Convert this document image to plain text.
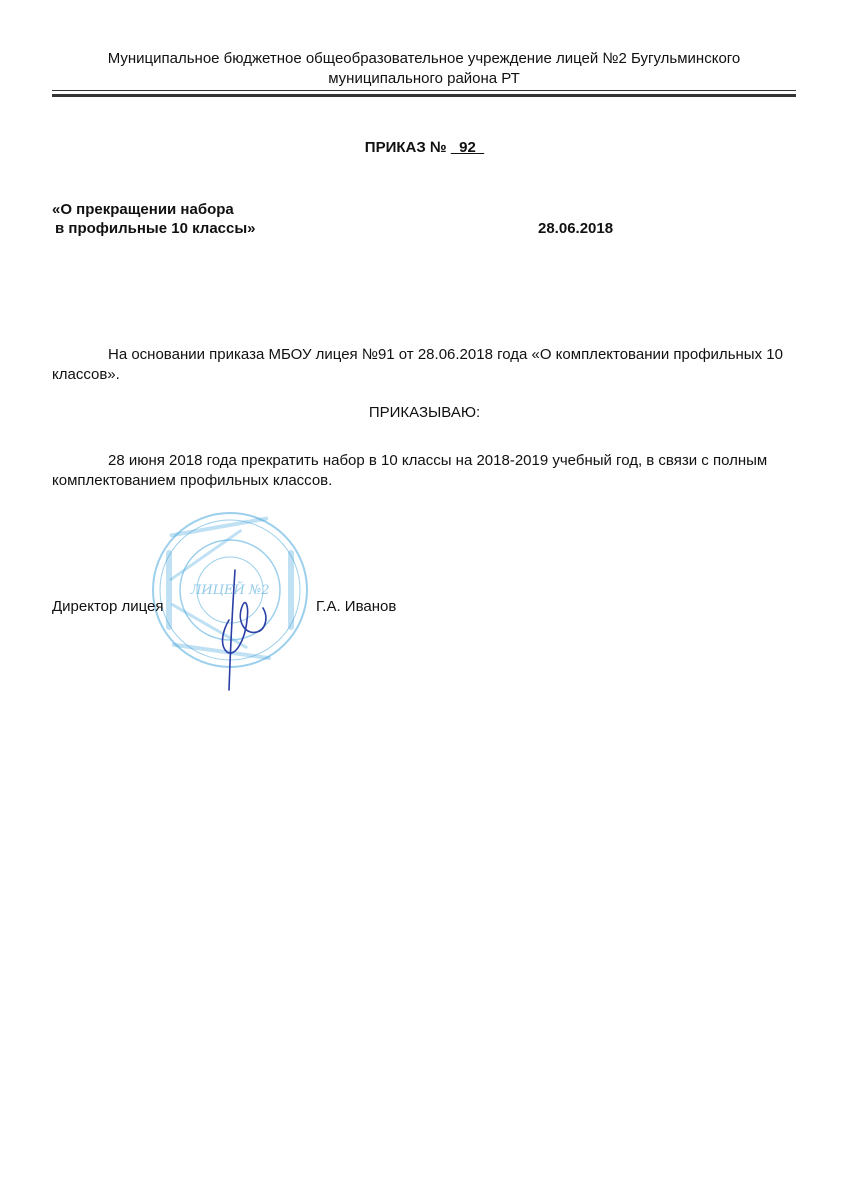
Муниципальное бюджетное общеобразовательное учреждение лицей №2 Бугульминского
муниципального района РТ
ПРИКАЗ № 92
«О прекращении набора
в профильные 10 классы»	28.06.2018
На основании приказа МБОУ лицея №91 от 28.06.2018 года «О комплектовании профильных 10 классов».
ПРИКАЗЫВАЮ:
28 июня 2018 года прекратить набор в 10 классы на 2018-2019 учебный год, в связи с полным комплектованием профильных классов.
ЛИЦЕЙ №2
Директор лицея	Г.А. Иванов
